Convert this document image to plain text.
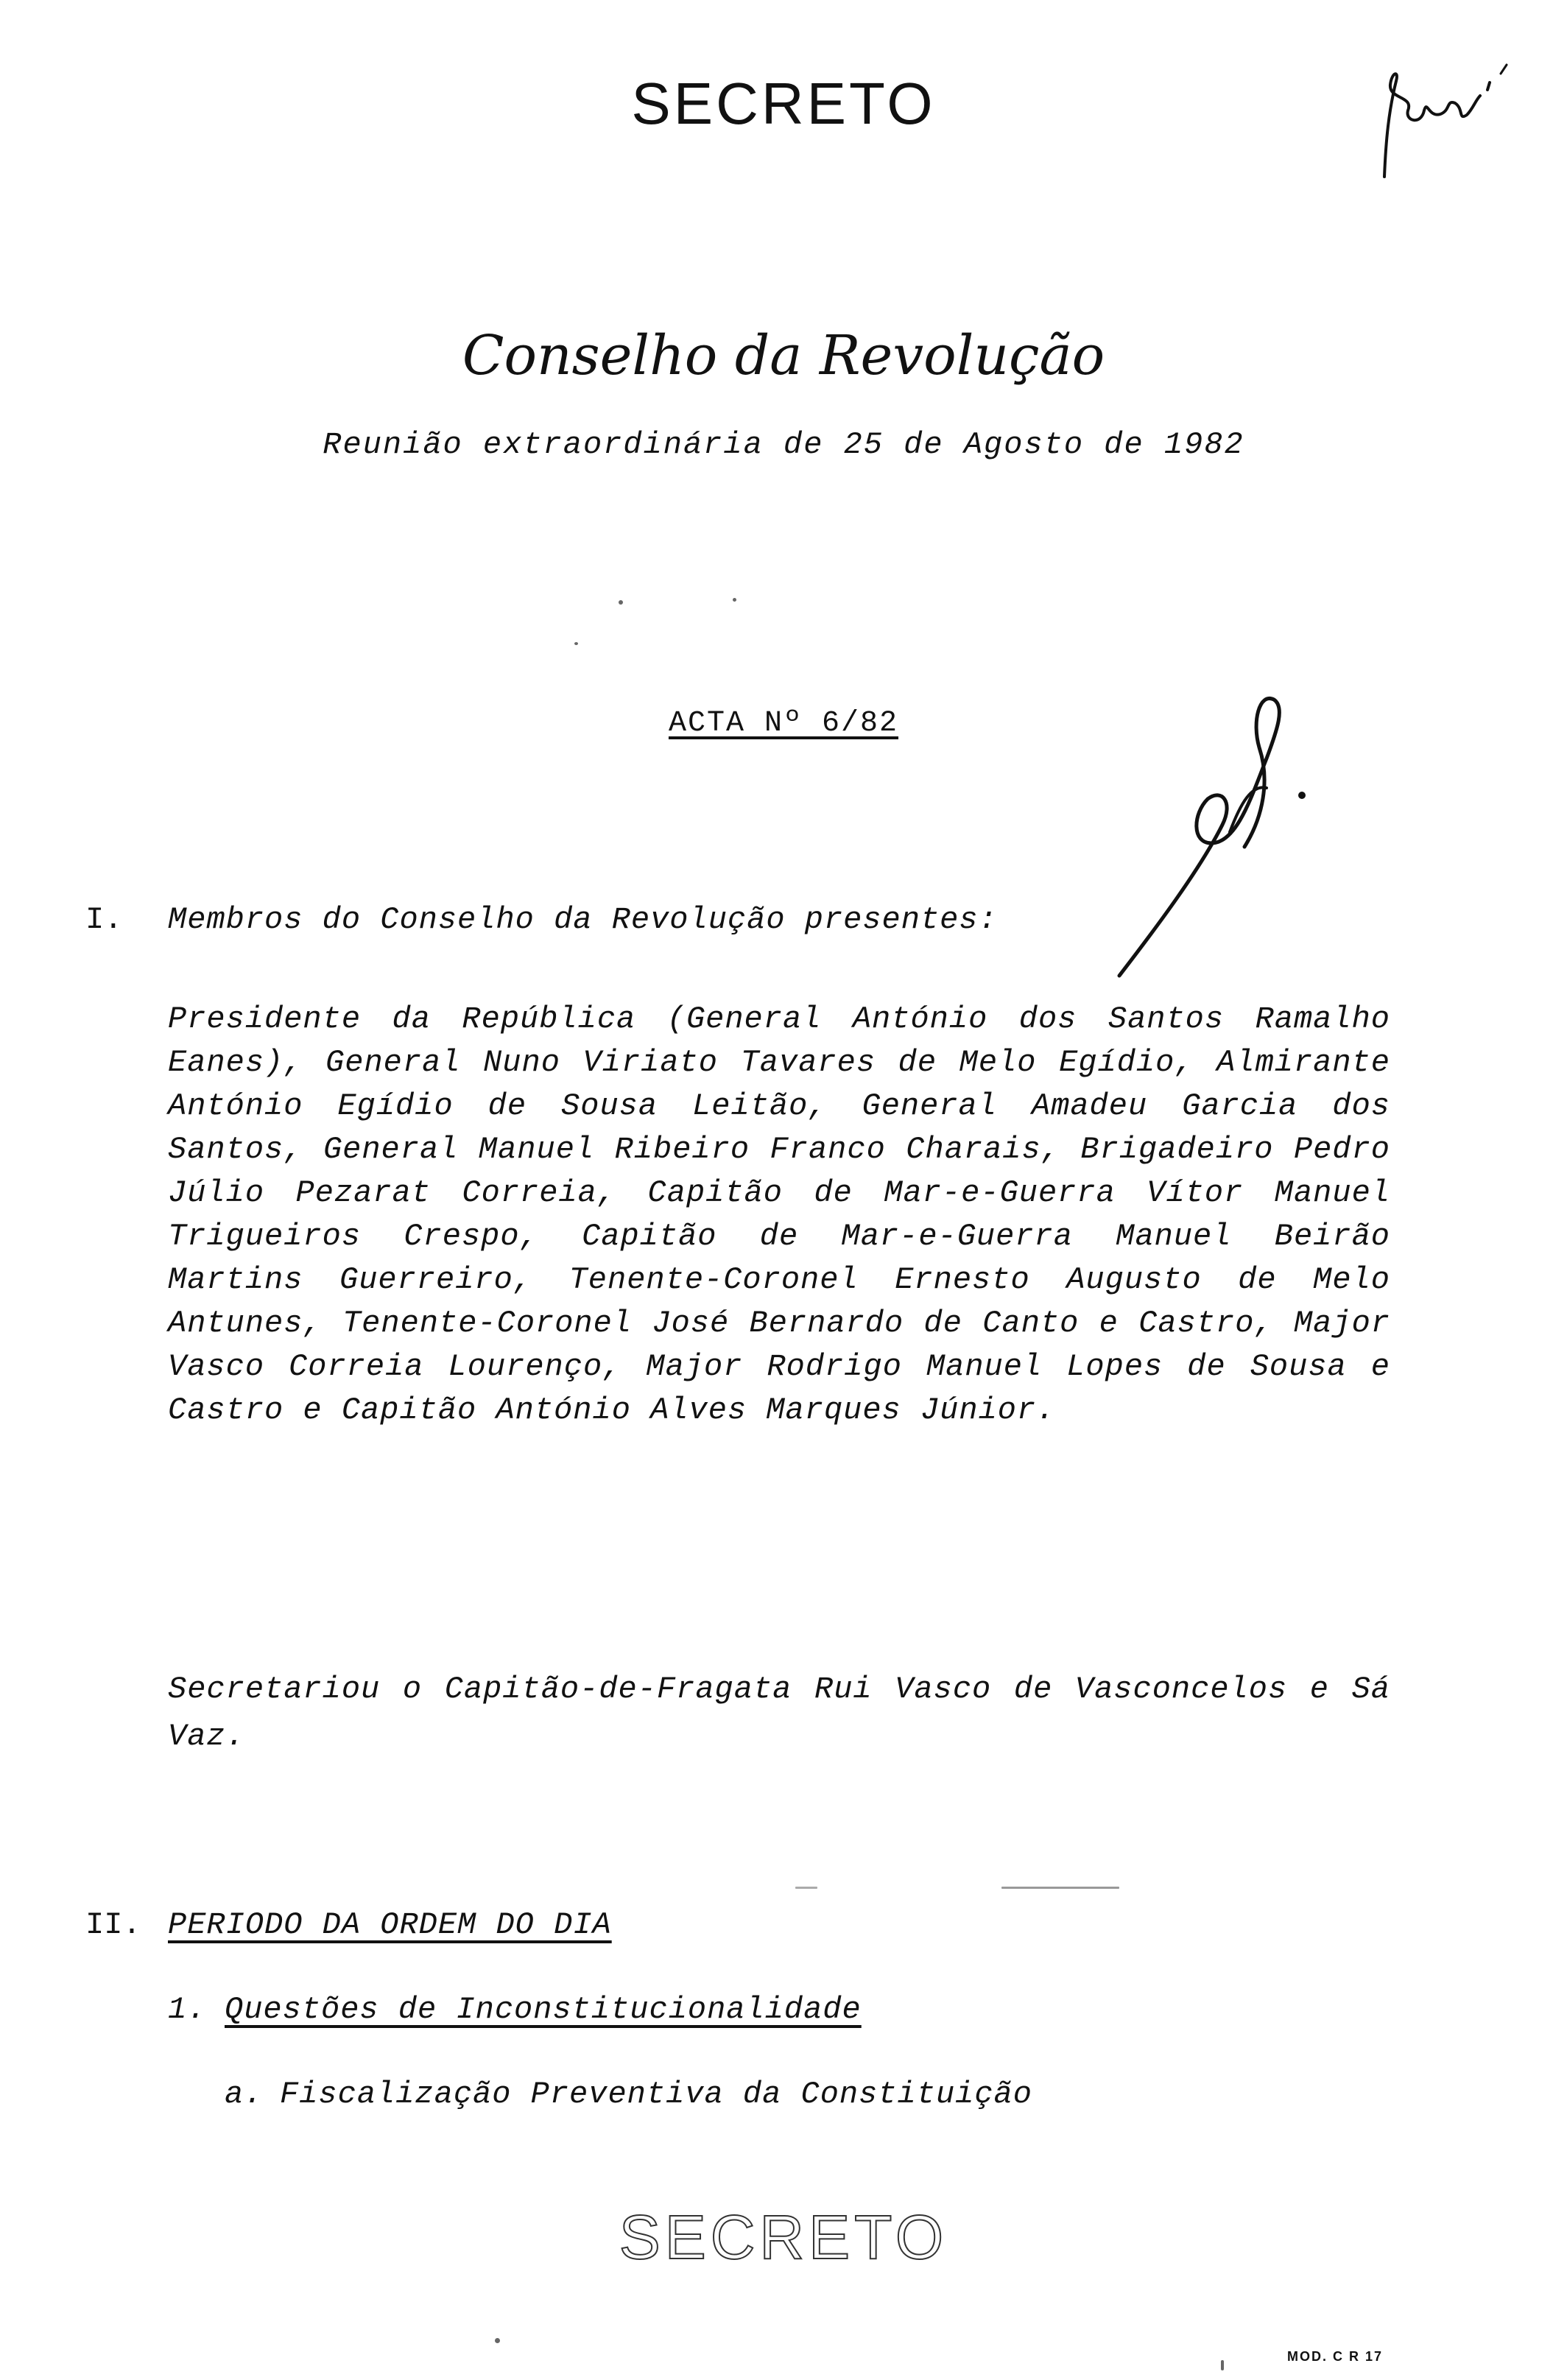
SECRETO
Conselho da Revolução
Reunião extraordinária de 25 de Agosto de 1982
ACTA Nº 6/82
I. Membros do Conselho da Revolução presentes:
Presidente da República (General António dos Santos Ramalho Eanes), General Nuno Viriato Tavares de Melo Egídio, Almirante António Egídio de Sousa Leitão, General Amadeu Garcia dos Santos, General Manuel Ribeiro Franco Charais, Brigadeiro Pedro Júlio Pezarat Correia, Capitão de Mar-e-Guerra Vítor Manuel Trigueiros Crespo, Capitão de Mar-e-Guerra Manuel Beirão Martins Guerreiro, Tenente-Coronel Ernesto Augusto de Melo Antunes, Tenente-Coronel José Bernardo de Canto e Castro, Major Vasco Correia Lourenço, Major Rodrigo Manuel Lopes de Sousa e Castro e Capitão António Alves Marques Júnior.
Secretariou o Capitão-de-Fragata Rui Vasco de Vasconcelos e Sá Vaz.
II. PERIODO DA ORDEM DO DIA
1. Questões de Inconstitucionalidade
a. Fiscalização Preventiva da Constituição
SECRETO
MOD. C R 17
